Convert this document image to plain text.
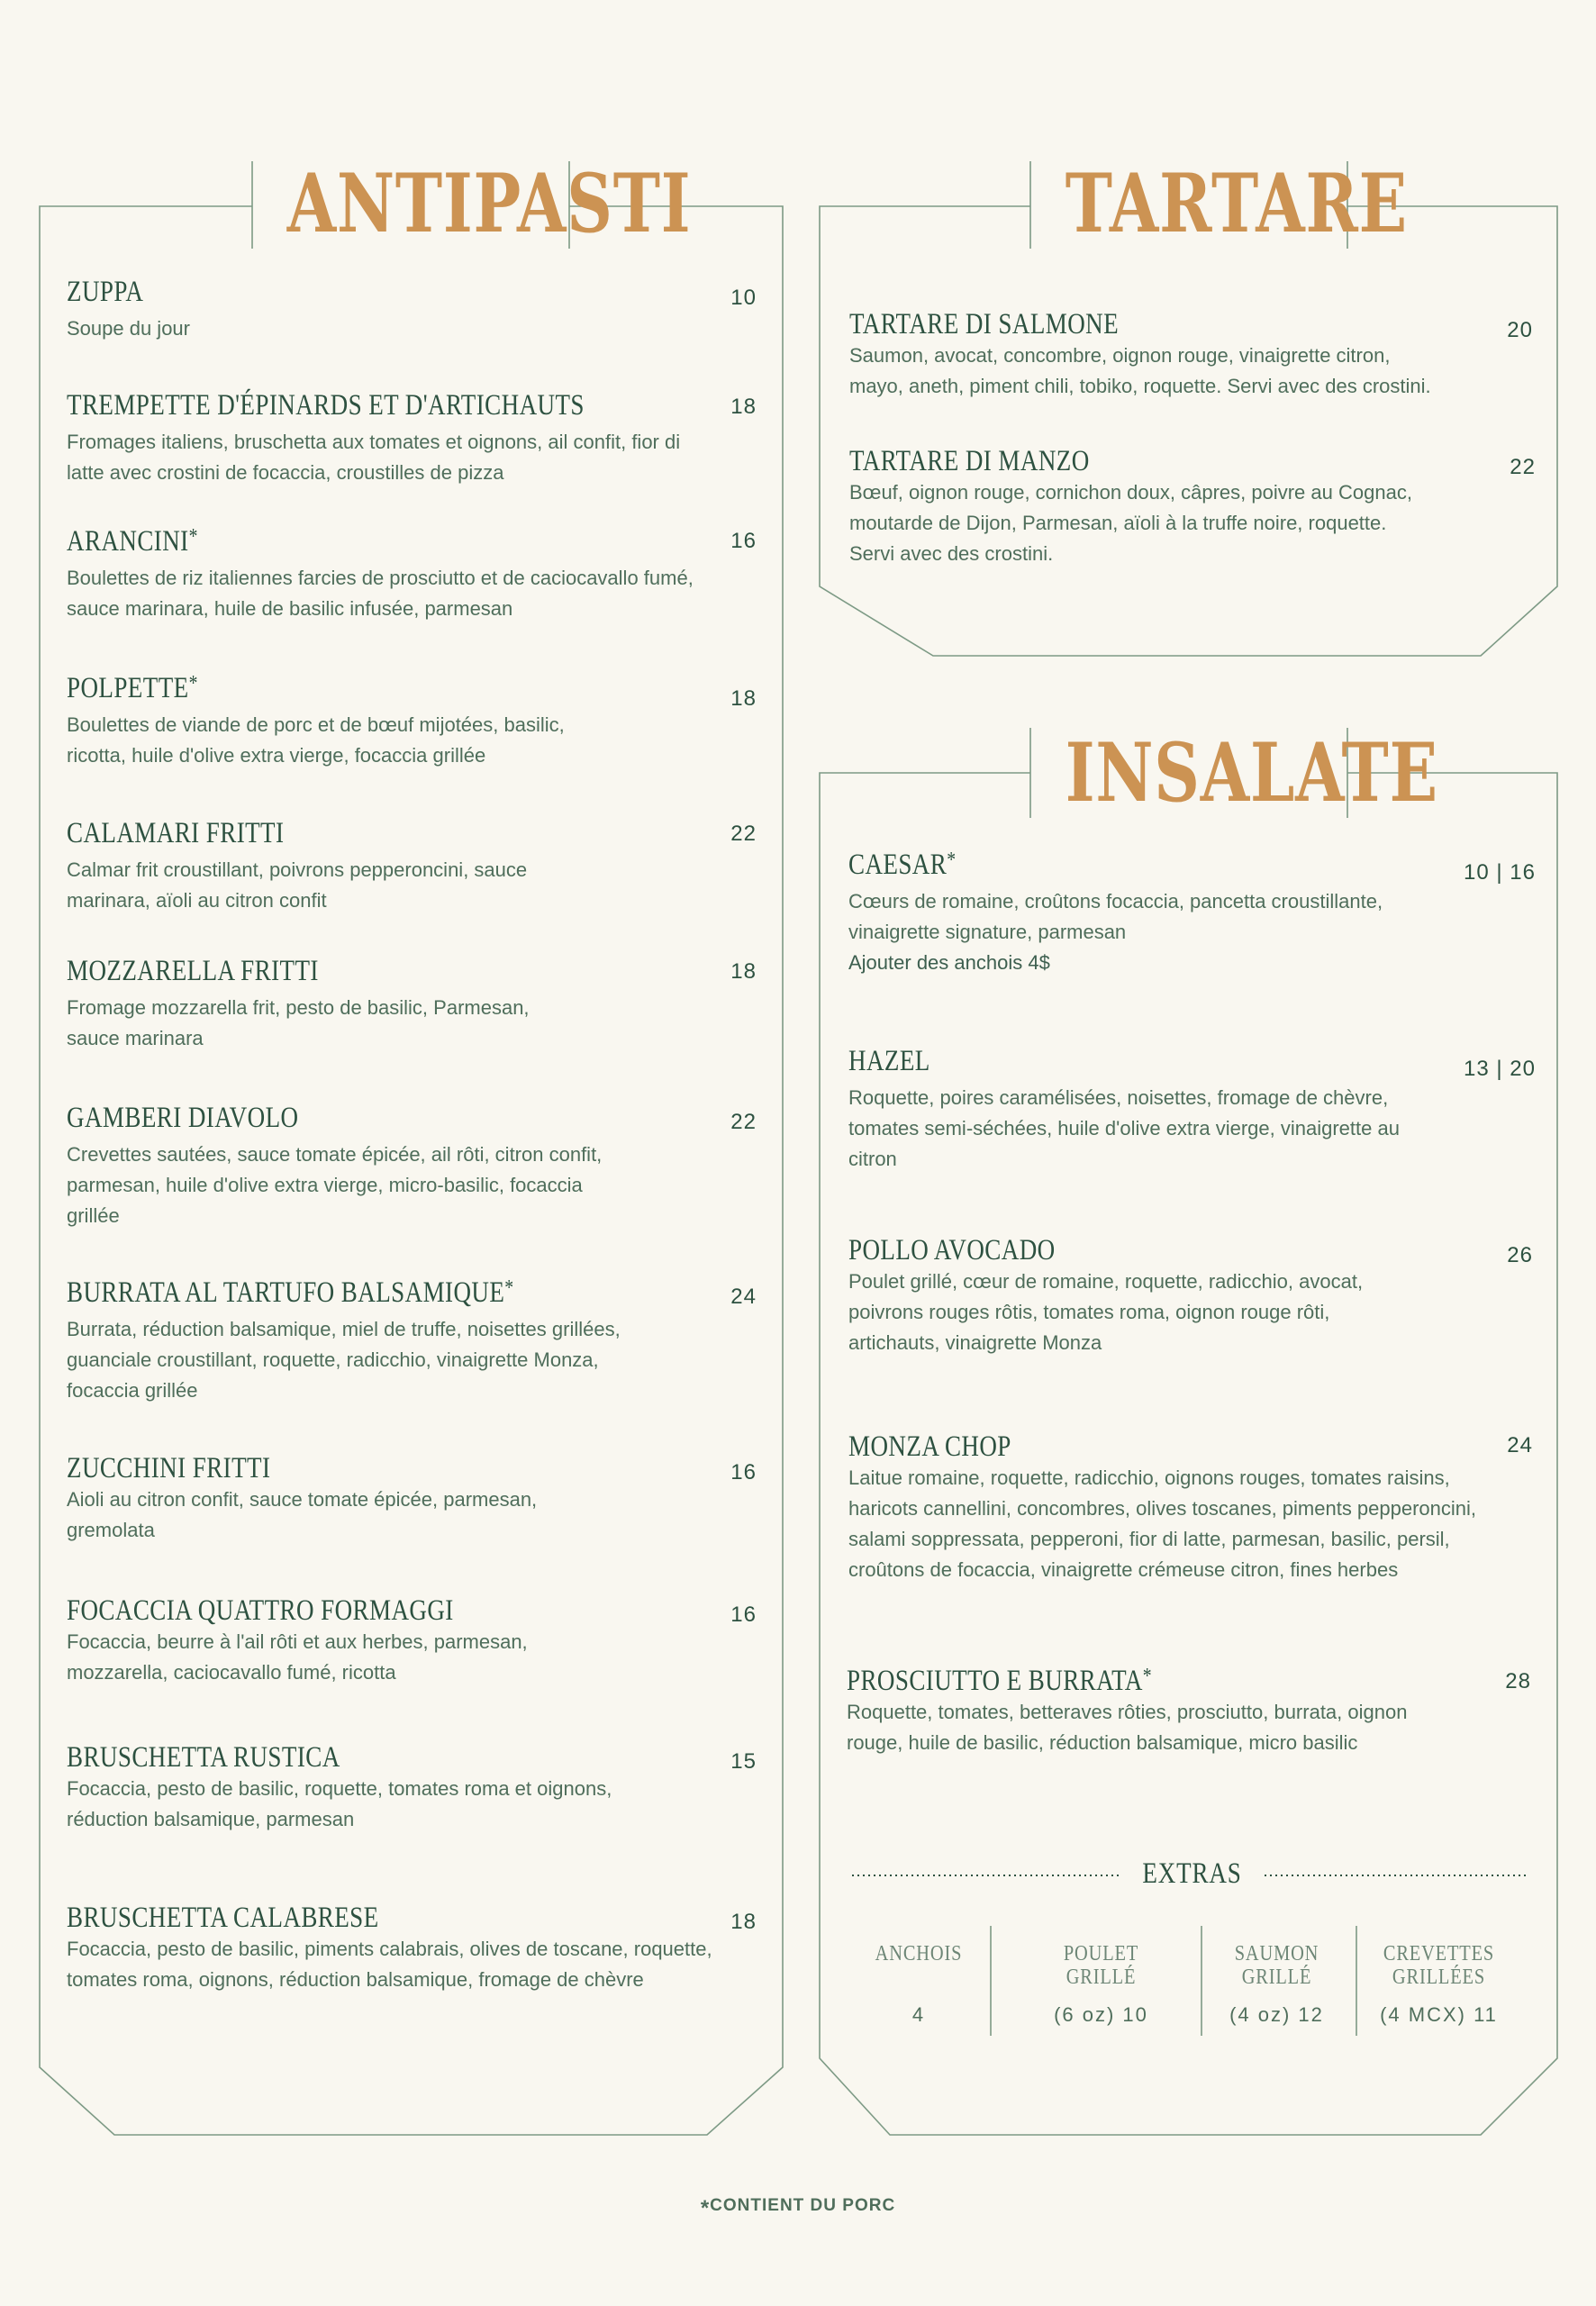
ANTIPASTI	TARTARE
INSALATE
ZUPPA
Soupe du jour
10
TREMPETTE D'ÉPINARDS ET D'ARTICHAUTS
Fromages italiens, bruschetta aux tomates et oignons, ail confit, fior di latte avec crostini de focaccia, croustilles de pizza
18
ARANCINI*
Boulettes de riz italiennes farcies de prosciutto et de caciocavallo fumé, sauce marinara, huile de basilic infusée, parmesan
16
POLPETTE*
Boulettes de viande de porc et de bœuf mijotées, basilic, ricotta, huile d'olive extra vierge, focaccia grillée
18
CALAMARI FRITTI
Calmar frit croustillant, poivrons pepperoncini, sauce marinara, aïoli au citron confit
22
MOZZARELLA FRITTI
Fromage mozzarella frit, pesto de basilic, Parmesan, sauce marinara
18
GAMBERI DIAVOLO
Crevettes sautées, sauce tomate épicée, ail rôti, citron confit, parmesan, huile d'olive extra vierge, micro-basilic, focaccia grillée
22
BURRATA AL TARTUFO BALSAMIQUE*
Burrata, réduction balsamique, miel de truffe, noisettes grillées, guanciale croustillant, roquette, radicchio, vinaigrette Monza, focaccia grillée
24
ZUCCHINI FRITTI
Aioli au citron confit, sauce tomate épicée, parmesan, gremolata
16
FOCACCIA QUATTRO FORMAGGI
Focaccia, beurre à l'ail rôti et aux herbes, parmesan, mozzarella, caciocavallo fumé, ricotta
16
BRUSCHETTA RUSTICA
Focaccia, pesto de basilic, roquette, tomates roma et oignons, réduction balsamique, parmesan
15
BRUSCHETTA CALABRESE
Focaccia, pesto de basilic, piments calabrais, olives de toscane, roquette, tomates roma, oignons, réduction balsamique, fromage de chèvre
18
TARTARE DI SALMONE
Saumon, avocat, concombre, oignon rouge, vinaigrette citron, mayo, aneth, piment chili, tobiko, roquette. Servi avec des crostini.
20
TARTARE DI MANZO
Bœuf, oignon rouge, cornichon doux, câpres, poivre au Cognac, moutarde de Dijon, Parmesan, aïoli à la truffe noire, roquette. Servi avec des crostini.
22
CAESAR*
Cœurs de romaine, croûtons focaccia, pancetta croustillante, vinaigrette signature, parmesan
Ajouter des anchois 4$
10 | 16
HAZEL
Roquette, poires caramélisées, noisettes, fromage de chèvre, tomates semi-séchées, huile d'olive extra vierge, vinaigrette au citron
13 | 20
POLLO AVOCADO
Poulet grillé, cœur de romaine, roquette, radicchio, avocat, poivrons rouges rôtis, tomates roma, oignon rouge rôti, artichauts, vinaigrette Monza
26
MONZA CHOP
Laitue romaine, roquette, radicchio, oignons rouges, tomates raisins, haricots cannellini, concombres, olives toscanes, piments pepperoncini, salami soppressata, pepperoni, fior di latte, parmesan, basilic, persil, croûtons de focaccia, vinaigrette crémeuse citron, fines herbes
24
PROSCIUTTO E BURRATA*
Roquette, tomates, betteraves rôties, prosciutto, burrata, oignon rouge, huile de basilic, réduction balsamique, micro basilic
28
EXTRAS
ANCHOIS
4
POULET GRILLÉ
(6 oz) 10
SAUMON GRILLÉ
(4 oz) 12
CREVETTES GRILLÉES
(4 MCX) 11
*CONTIENT DU PORC
